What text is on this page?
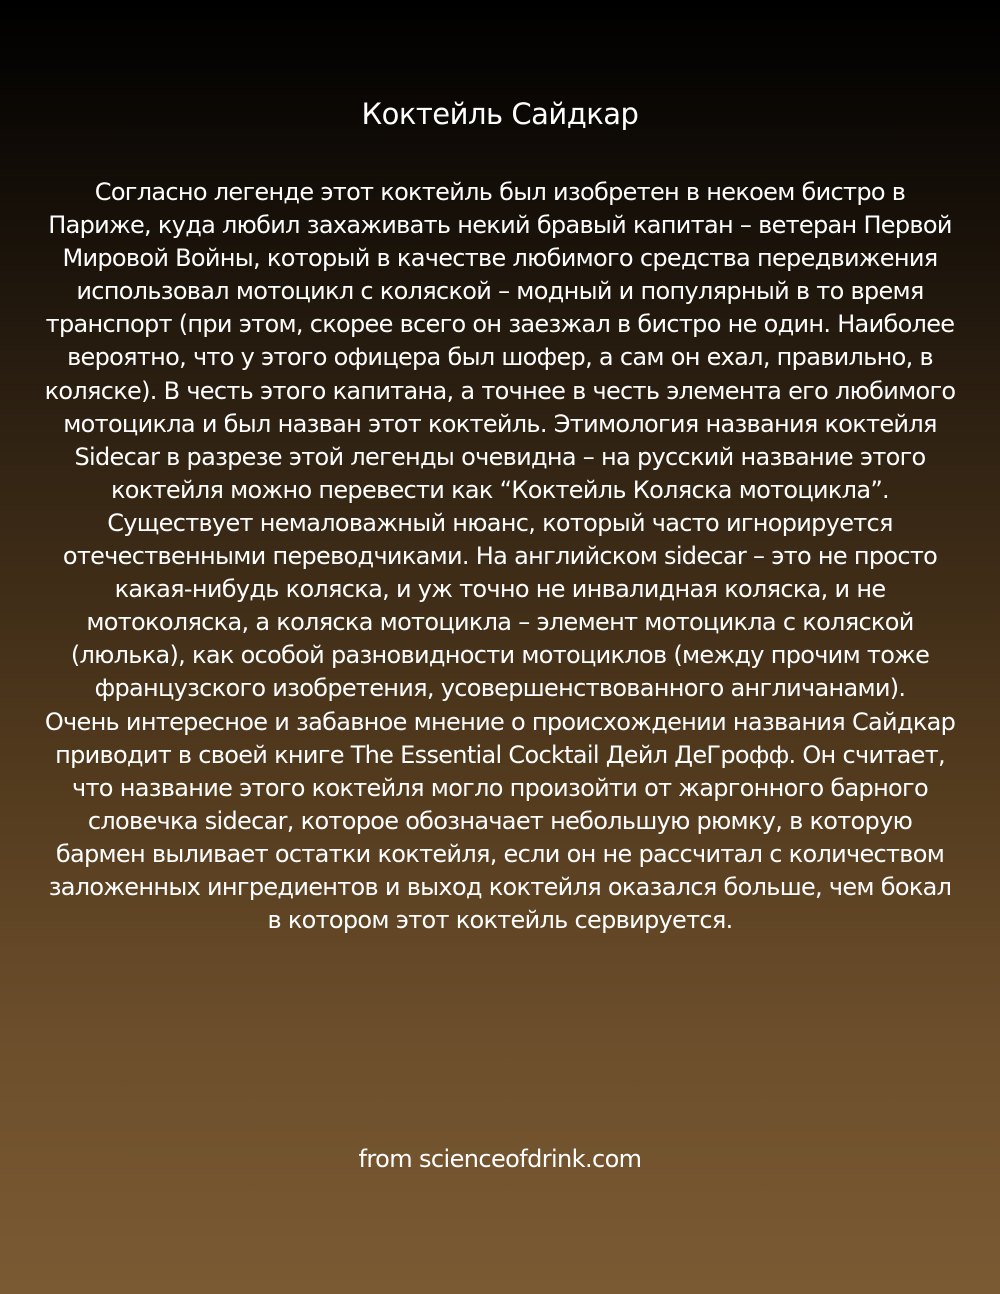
Коктейль Сайдкар

Согласно легенде этот коктейль был изобретен в некоем бистро в Париже, куда любил захаживать некий бравый капитан – ветеран Первой Мировой Войны, который в качестве любимого средства передвижения использовал мотоцикл с коляской – модный и популярный в то время транспорт (при этом, скорее всего он заезжал в бистро не один. Наиболее вероятно, что у этого офицера был шофер, а сам он ехал, правильно, в коляске). В честь этого капитана, а точнее в честь элемента его любимого мотоцикла и был назван этот коктейль. Этимология названия коктейля Sidecar в разрезе этой легенды очевидна – на русский название этого коктейля можно перевести как “Коктейль Коляска мотоцикла”. Существует немаловажный нюанс, который часто игнорируется отечественными переводчиками. На английском sidecar – это не просто какая-нибудь коляска, и уж точно не инвалидная коляска, и не мотоколяска, а коляска мотоцикла – элемент мотоцикла с коляской (люлька), как особой разновидности мотоциклов (между прочим тоже французского изобретения, усовершенствованного англичанами).

Очень интересное и забавное мнение о происхождении названия Сайдкар приводит в своей книге The Essential Cocktail Дейл ДеГрофф. Он считает, что название этого коктейля могло произойти от жаргонного барного словечка sidecar, которое обозначает небольшую рюмку, в которую бармен выливает остатки коктейля, если он не рассчитал с количеством заложенных ингредиентов и выход коктейля оказался больше, чем бокал в котором этот коктейль сервируется.

from scienceofdrink.com
